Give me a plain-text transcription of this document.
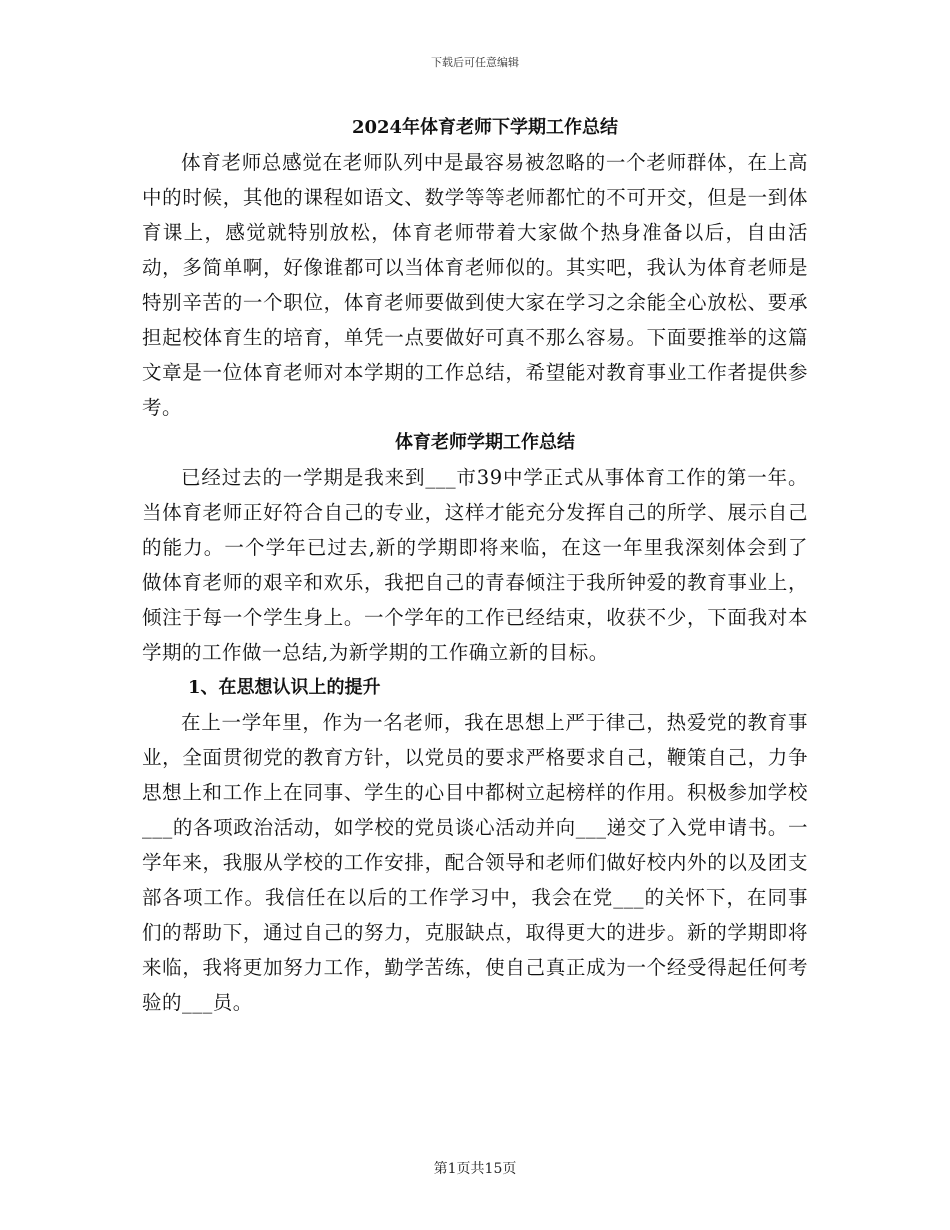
下载后可任意编辑
2024年体育老师下学期工作总结

体育老师总感觉在老师队列中是最容易被忽略的一个老师群体，在上高中的时候，其他的课程如语文、数学等等老师都忙的不可开交，但是一到体育课上，感觉就特别放松，体育老师带着大家做个热身准备以后，自由活动，多简单啊，好像谁都可以当体育老师似的。其实吧，我认为体育老师是特别辛苦的一个职位，体育老师要做到使大家在学习之余能全心放松、要承担起校体育生的培育，单凭一点要做好可真不那么容易。下面要推举的这篇文章是一位体育老师对本学期的工作总结，希望能对教育事业工作者提供参考。

体育老师学期工作总结

已经过去的一学期是我来到___市39中学正式从事体育工作的第一年。当体育老师正好符合自己的专业，这样才能充分发挥自己的所学、展示自己的能力。一个学年已过去,新的学期即将来临，在这一年里我深刻体会到了做体育老师的艰辛和欢乐，我把自己的青春倾注于我所钟爱的教育事业上，倾注于每一个学生身上。一个学年的工作已经结束，收获不少，下面我对本学期的工作做一总结,为新学期的工作确立新的目标。

1、在思想认识上的提升

在上一学年里，作为一名老师，我在思想上严于律己，热爱党的教育事业，全面贯彻党的教育方针，以党员的要求严格要求自己，鞭策自己，力争思想上和工作上在同事、学生的心目中都树立起榜样的作用。积极参加学校___的各项政治活动，如学校的党员谈心活动并向___递交了入党申请书。一学年来，我服从学校的工作安排，配合领导和老师们做好校内外的以及团支部各项工作。我信任在以后的工作学习中，我会在党___的关怀下，在同事们的帮助下，通过自己的努力，克服缺点，取得更大的进步。新的学期即将来临，我将更加努力工作，勤学苦练，使自己真正成为一个经受得起任何考验的___员。

第1页共15页
